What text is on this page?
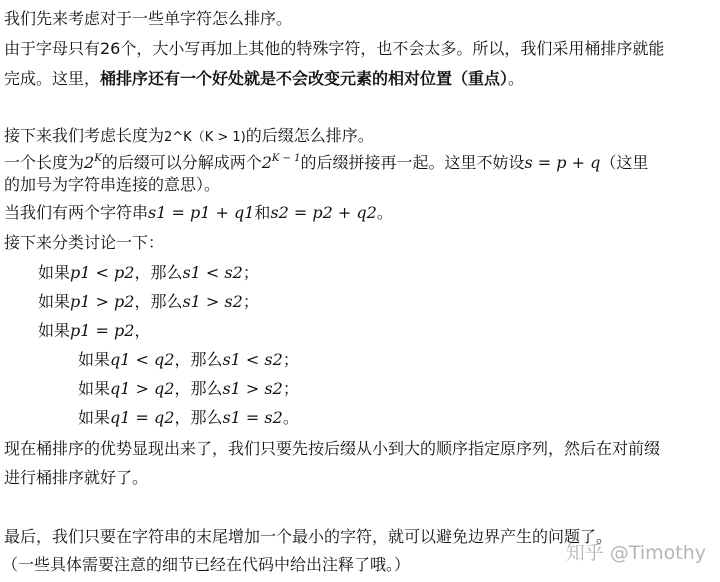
我们先来考虑对于一些单字符怎么排序。
由于字母只有26个，大小写再加上其他的特殊字符，也不会太多。所以，我们采用桶排序就能
完成。这里，桶排序还有一个好处就是不会改变元素的相对位置（重点）。
接下来我们考虑长度为2^K（K > 1)的后缀怎么排序。
一个长度为$2^K$的后缀可以分解成两个$2^{K - 1}$的后缀拼接再一起。这里不妨设s = p + q（这里
的加号为字符串连接的意思）。
当我们有两个字符串s1 = p1 + q1和s2 = p2 + q2。
接下来分类讨论一下：
如果p1 < p2，那么s1 < s2；
如果p1 > p2，那么s1 > s2；
如果p1 = p2，
如果q1 < q2，那么s1 < s2；
如果q1 > q2，那么s1 > s2；
如果q1 = q2，那么s1 = s2。
现在桶排序的优势显现出来了，我们只要先按后缀从小到大的顺序指定原序列，然后在对前缀
进行桶排序就好了。
最后，我们只要在字符串的末尾增加一个最小的字符，就可以避免边界产生的问题了。
（一些具体需要注意的细节已经在代码中给出注释了哦。）
知乎 @Timothy
